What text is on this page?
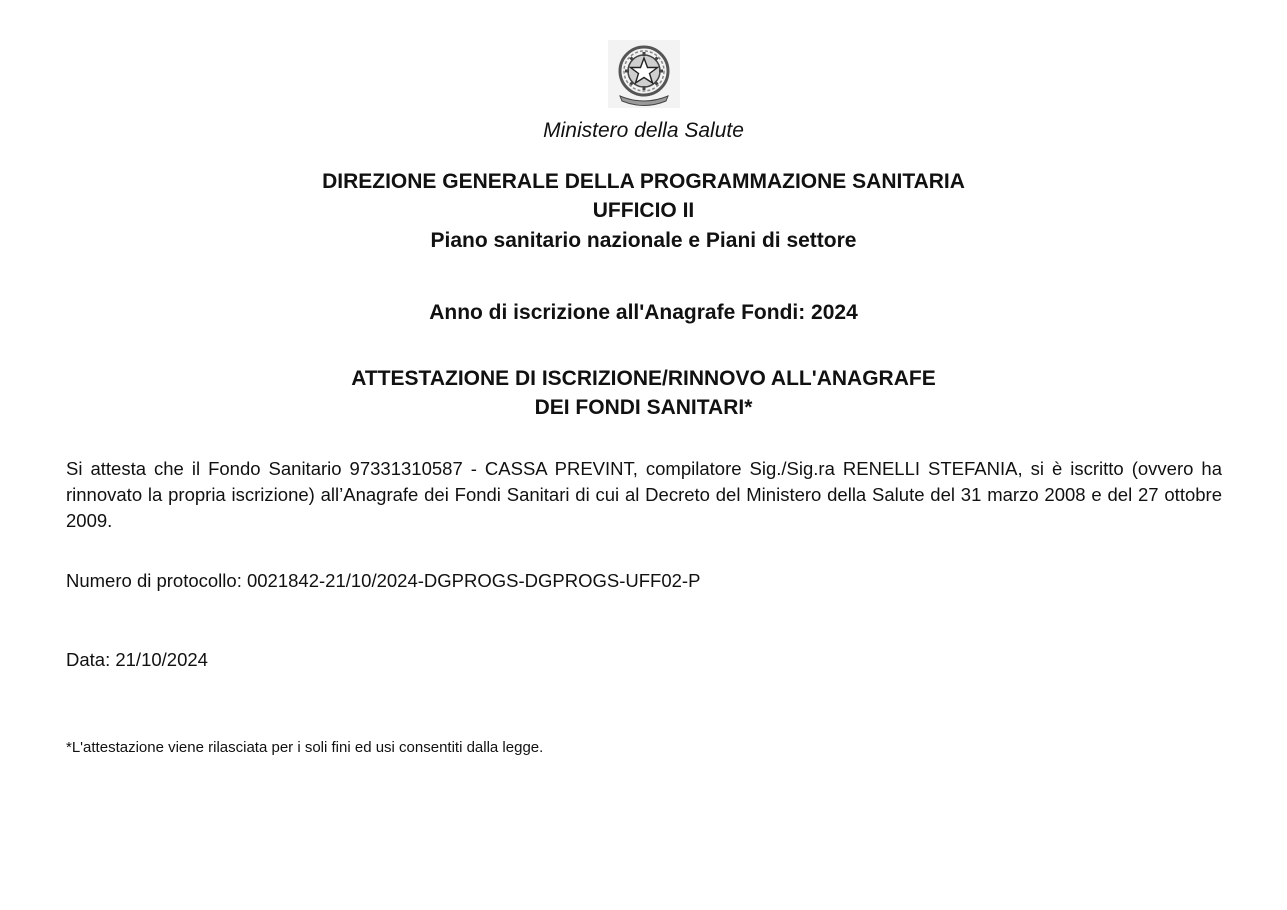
Ministero della Salute
DIREZIONE GENERALE DELLA PROGRAMMAZIONE SANITARIA
UFFICIO II
Piano sanitario nazionale e Piani di settore
Anno di iscrizione all'Anagrafe Fondi: 2024
ATTESTAZIONE DI ISCRIZIONE/RINNOVO ALL'ANAGRAFE
DEI FONDI SANITARI*
Si attesta che il Fondo Sanitario 97331310587 - CASSA PREVINT, compilatore Sig./Sig.ra RENELLI STEFANIA, si è iscritto (ovvero ha rinnovato la propria iscrizione) all’Anagrafe dei Fondi Sanitari di cui al Decreto del Ministero della Salute del 31 marzo 2008 e del 27 ottobre 2009.
Numero di protocollo: 0021842-21/10/2024-DGPROGS-DGPROGS-UFF02-P
Data: 21/10/2024
*L'attestazione viene rilasciata per i soli fini ed usi consentiti dalla legge.
